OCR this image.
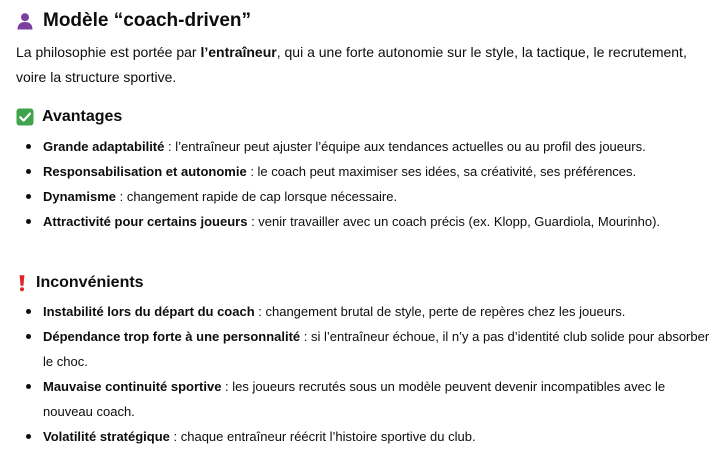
Modèle “coach-driven”

La philosophie est portée par l’entraîneur, qui a une forte autonomie sur le style, la tactique, le recrutement, voire la structure sportive.

Avantages
Grande adaptabilité : l’entraîneur peut ajuster l’équipe aux tendances actuelles ou au profil des joueurs.
Responsabilisation et autonomie : le coach peut maximiser ses idées, sa créativité, ses préférences.
Dynamisme : changement rapide de cap lorsque nécessaire.
Attractivité pour certains joueurs : venir travailler avec un coach précis (ex. Klopp, Guardiola, Mourinho).
Inconvénients
Instabilité lors du départ du coach : changement brutal de style, perte de repères chez les joueurs.
Dépendance trop forte à une personnalité : si l’entraîneur échoue, il n’y a pas d’identité club solide pour absorber le choc.
Mauvaise continuité sportive : les joueurs recrutés sous un modèle peuvent devenir incompatibles avec le nouveau coach.
Volatilité stratégique : chaque entraîneur réécrit l’histoire sportive du club.
